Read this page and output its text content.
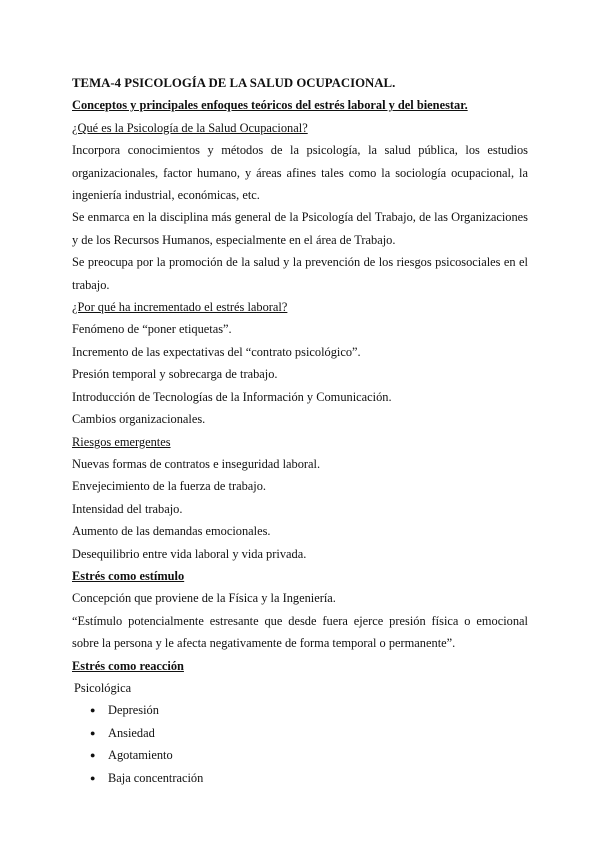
TEMA-4 PSICOLOGÍA DE LA SALUD OCUPACIONAL.
Conceptos y principales enfoques teóricos del estrés laboral y del bienestar.
¿Qué es la Psicología de la Salud Ocupacional?
Incorpora conocimientos y métodos de la psicología, la salud pública, los estudios organizacionales, factor humano, y áreas afines tales como la sociología ocupacional, la ingeniería industrial, económicas, etc.
Se enmarca en la disciplina más general de la Psicología del Trabajo, de las Organizaciones y de los Recursos Humanos, especialmente en el área de Trabajo.
Se preocupa por la promoción de la salud y la prevención de los riesgos psicosociales en el trabajo.
¿Por qué ha incrementado el estrés laboral?
Fenómeno de “poner etiquetas”.
Incremento de las expectativas del “contrato psicológico”.
Presión temporal y sobrecarga de trabajo.
Introducción de Tecnologías de la Información y Comunicación.
Cambios organizacionales.
Riesgos emergentes
Nuevas formas de contratos e inseguridad laboral.
Envejecimiento de la fuerza de trabajo.
Intensidad del trabajo.
Aumento de las demandas emocionales.
Desequilibrio entre vida laboral y vida privada.
Estrés como estímulo
Concepción que proviene de la Física y la Ingeniería.
“Estímulo potencialmente estresante que desde fuera ejerce presión física o emocional sobre la persona y le afecta negativamente de forma temporal o permanente”.
Estrés como reacción
Psicológica
● Depresión
● Ansiedad
● Agotamiento
● Baja concentración
